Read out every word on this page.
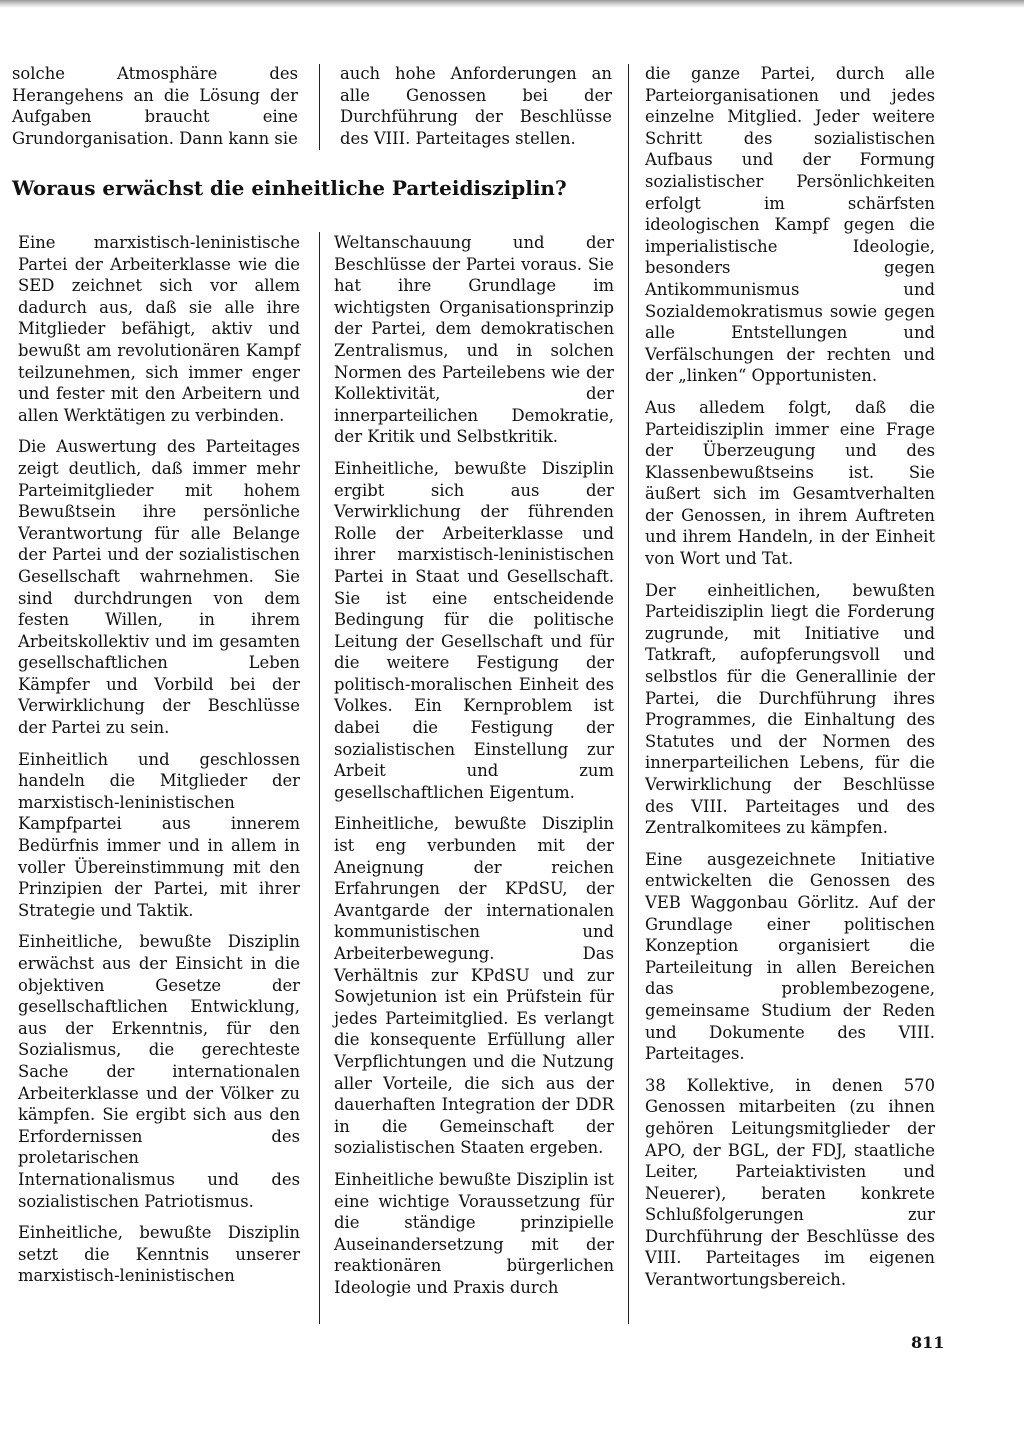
solche Atmosphäre des Herangehens an die Lösung der Aufgaben braucht eine Grundorganisation. Dann kann sie

auch hohe Anforderungen an alle Genossen bei der Durchführung der Beschlüsse des VIII. Parteitages stellen.

Woraus erwächst die einheitliche Parteidisziplin?

Eine marxistisch-leninistische Partei der Arbeiterklasse wie die SED zeichnet sich vor allem dadurch aus, daß sie alle ihre Mitglieder befähigt, aktiv und bewußt am revolutionären Kampf teilzunehmen, sich immer enger und fester mit den Arbeitern und allen Werktätigen zu verbinden.

Die Auswertung des Parteitages zeigt deutlich, daß immer mehr Parteimitglieder mit hohem Bewußtsein ihre persönliche Verantwortung für alle Belange der Partei und der sozialistischen Gesellschaft wahrnehmen. Sie sind durchdrungen von dem festen Willen, in ihrem Arbeitskollektiv und im gesamten gesellschaftlichen Leben Kämpfer und Vorbild bei der Verwirklichung der Beschlüsse der Partei zu sein.

Einheitlich und geschlossen handeln die Mitglieder der marxistisch-leninistischen Kampfpartei aus innerem Bedürfnis immer und in allem in voller Übereinstimmung mit den Prinzipien der Partei, mit ihrer Strategie und Taktik.

Einheitliche, bewußte Disziplin erwächst aus der Einsicht in die objektiven Gesetze der gesellschaftlichen Entwicklung, aus der Erkenntnis, für den Sozialismus, die gerechteste Sache der internationalen Arbeiterklasse und der Völker zu kämpfen. Sie ergibt sich aus den Erfordernissen des proletarischen Internationalismus und des sozialistischen Patriotismus.

Einheitliche, bewußte Disziplin setzt die Kenntnis unserer marxistisch-leninistischen

Weltanschauung und der Beschlüsse der Partei voraus. Sie hat ihre Grundlage im wichtigsten Organisationsprinzip der Partei, dem demokratischen Zentralismus, und in solchen Normen des Parteilebens wie der Kollektivität, der innerparteilichen Demokratie, der Kritik und Selbstkritik.

Einheitliche, bewußte Disziplin ergibt sich aus der Verwirklichung der führenden Rolle der Arbeiterklasse und ihrer marxistisch-leninistischen Partei in Staat und Gesellschaft. Sie ist eine entscheidende Bedingung für die politische Leitung der Gesellschaft und für die weitere Festigung der politisch-moralischen Einheit des Volkes. Ein Kernproblem ist dabei die Festigung der sozialistischen Einstellung zur Arbeit und zum gesellschaftlichen Eigentum.

Einheitliche, bewußte Disziplin ist eng verbunden mit der Aneignung der reichen Erfahrungen der KPdSU, der Avantgarde der internationalen kommunistischen und Arbeiterbewegung. Das Verhältnis zur KPdSU und zur Sowjetunion ist ein Prüfstein für jedes Parteimitglied. Es verlangt die konsequente Erfüllung aller Verpflichtungen und die Nutzung aller Vorteile, die sich aus der dauerhaften Integration der DDR in die Gemeinschaft der sozialistischen Staaten ergeben.

Einheitliche bewußte Disziplin ist eine wichtige Voraussetzung für die ständige prinzipielle Auseinandersetzung mit der reaktionären bürgerlichen Ideologie und Praxis durch

die ganze Partei, durch alle Parteiorganisationen und jedes einzelne Mitglied. Jeder weitere Schritt des sozialistischen Aufbaus und der Formung sozialistischer Persönlichkeiten erfolgt im schärfsten ideologischen Kampf gegen die imperialistische Ideologie, besonders gegen Antikommunismus und Sozialdemokratismus sowie gegen alle Entstellungen und Verfälschungen der rechten und der „linken“ Opportunisten.

Aus alledem folgt, daß die Parteidisziplin immer eine Frage der Überzeugung und des Klassenbewußtseins ist. Sie äußert sich im Gesamtverhalten der Genossen, in ihrem Auftreten und ihrem Handeln, in der Einheit von Wort und Tat.

Der einheitlichen, bewußten Parteidisziplin liegt die Forderung zugrunde, mit Initiative und Tatkraft, aufopferungsvoll und selbstlos für die Generallinie der Partei, die Durchführung ihres Programmes, die Einhaltung des Statutes und der Normen des innerparteilichen Lebens, für die Verwirklichung der Beschlüsse des VIII. Parteitages und des Zentralkomitees zu kämpfen.

Eine ausgezeichnete Initiative entwickelten die Genossen des VEB Waggonbau Görlitz. Auf der Grundlage einer politischen Konzeption organisiert die Parteileitung in allen Bereichen das problembezogene, gemeinsame Studium der Reden und Dokumente des VIII. Parteitages.

38 Kollektive, in denen 570 Genossen mitarbeiten (zu ihnen gehören Leitungsmitglieder der APO, der BGL, der FDJ, staatliche Leiter, Parteiaktivisten und Neuerer), beraten konkrete Schlußfolgerungen zur Durchführung der Beschlüsse des VIII. Parteitages im eigenen Verantwortungsbereich.

811
